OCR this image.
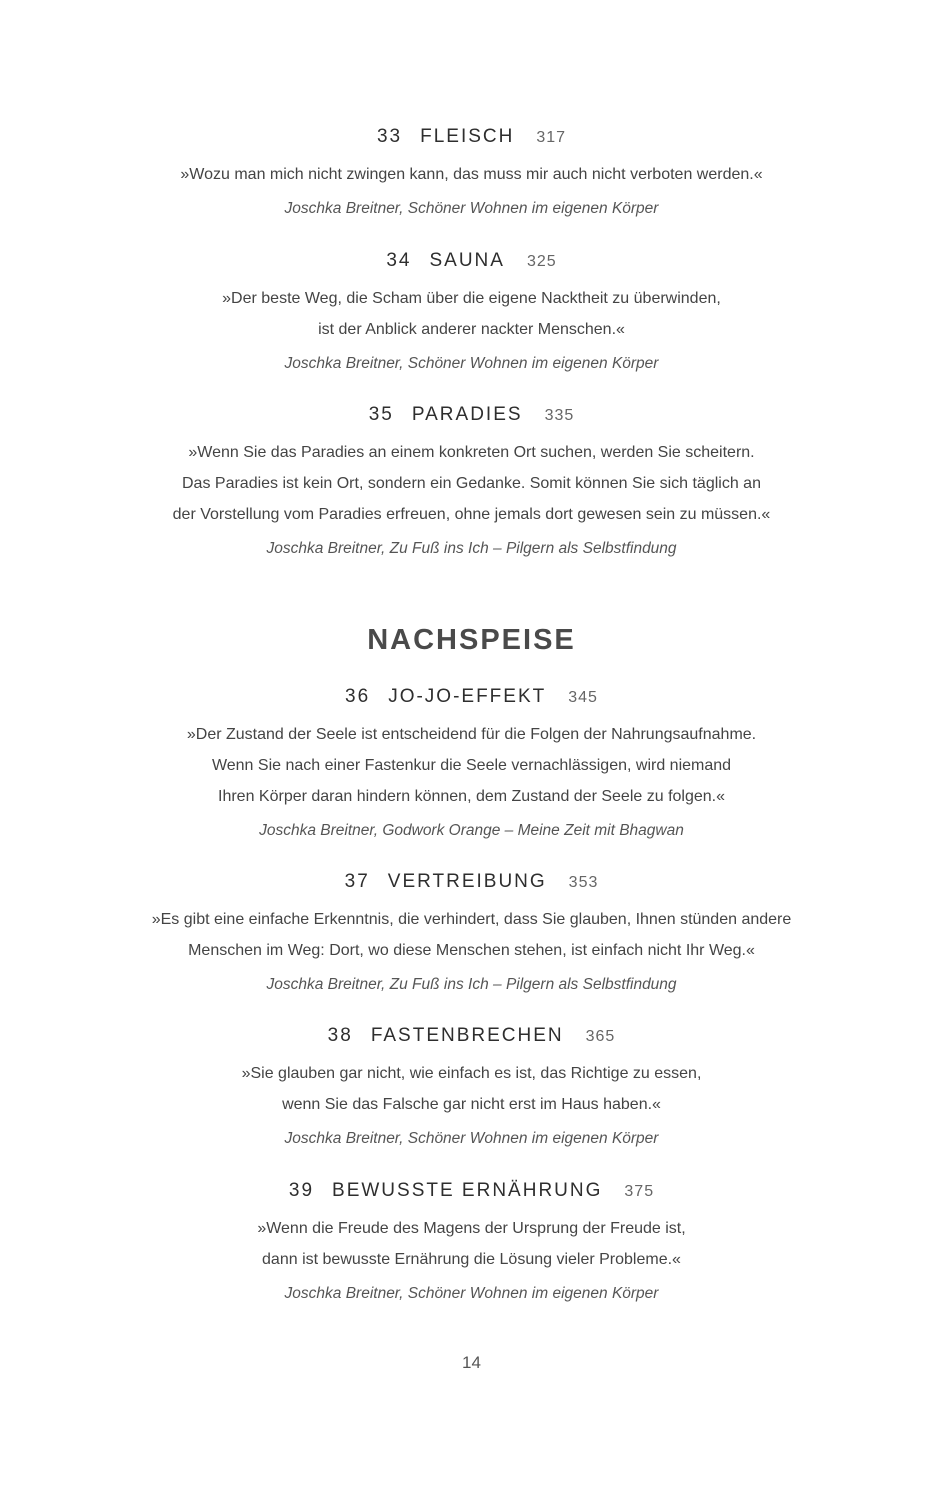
33 FLEISCH 317
»Wozu man mich nicht zwingen kann, das muss mir auch nicht verboten werden.«
Joschka Breitner, Schöner Wohnen im eigenen Körper
34 SAUNA 325
»Der beste Weg, die Scham über die eigene Nacktheit zu überwinden,
ist der Anblick anderer nackter Menschen.«
Joschka Breitner, Schöner Wohnen im eigenen Körper
35 PARADIES 335
»Wenn Sie das Paradies an einem konkreten Ort suchen, werden Sie scheitern.
Das Paradies ist kein Ort, sondern ein Gedanke. Somit können Sie sich täglich an
der Vorstellung vom Paradies erfreuen, ohne jemals dort gewesen sein zu müssen.«
Joschka Breitner, Zu Fuß ins Ich – Pilgern als Selbstfindung
NACHSPEISE
36 JO-JO-EFFEKT 345
»Der Zustand der Seele ist entscheidend für die Folgen der Nahrungsaufnahme.
Wenn Sie nach einer Fastenkur die Seele vernachlässigen, wird niemand
Ihren Körper daran hindern können, dem Zustand der Seele zu folgen.«
Joschka Breitner, Godwork Orange – Meine Zeit mit Bhagwan
37 VERTREIBUNG 353
»Es gibt eine einfache Erkenntnis, die verhindert, dass Sie glauben, Ihnen stünden andere
Menschen im Weg: Dort, wo diese Menschen stehen, ist einfach nicht Ihr Weg.«
Joschka Breitner, Zu Fuß ins Ich – Pilgern als Selbstfindung
38 FASTENBRECHEN 365
»Sie glauben gar nicht, wie einfach es ist, das Richtige zu essen,
wenn Sie das Falsche gar nicht erst im Haus haben.«
Joschka Breitner, Schöner Wohnen im eigenen Körper
39 BEWUSSTE ERNÄHRUNG 375
»Wenn die Freude des Magens der Ursprung der Freude ist,
dann ist bewusste Ernährung die Lösung vieler Probleme.«
Joschka Breitner, Schöner Wohnen im eigenen Körper
14
